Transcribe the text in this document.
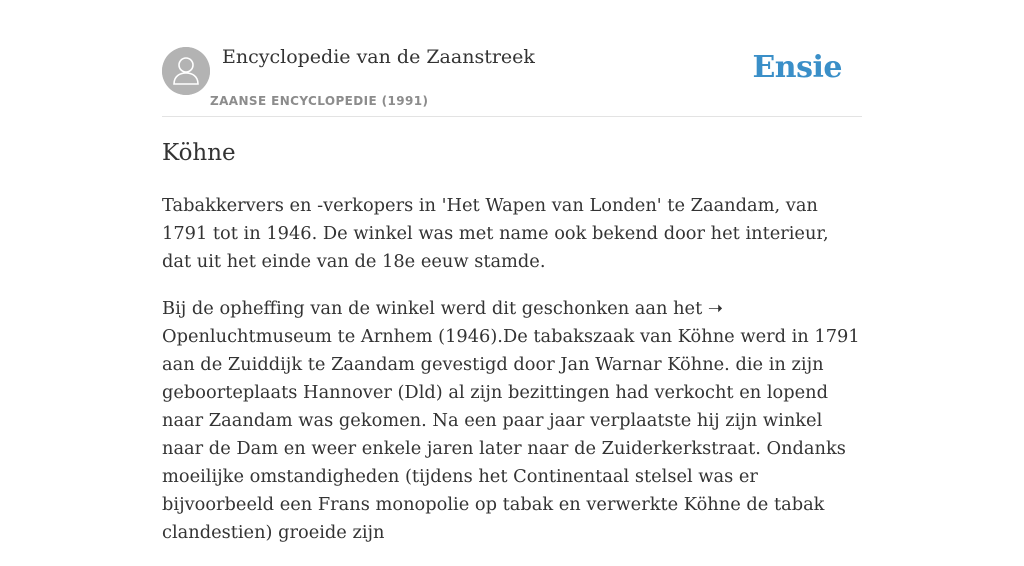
Encyclopedie van de Zaanstreek
ZAANSE ENCYCLOPEDIE (1991)
Ensie
Köhne

Tabakkervers en -verkopers in 'Het Wapen van Londen' te Zaandam, van 1791 tot in 1946. De winkel was met name ook bekend door het interieur, dat uit het einde van de 18e eeuw stamde.

Bij de opheffing van de winkel werd dit geschonken aan het ➝ Openluchtmuseum te Arnhem (1946).De tabakszaak van Köhne werd in 1791 aan de Zuiddijk te Zaandam gevestigd door Jan Warnar Köhne. die in zijn geboorteplaats Hannover (Dld) al zijn bezittingen had verkocht en lopend naar Zaandam was gekomen. Na een paar jaar verplaatste hij zijn winkel naar de Dam en weer enkele jaren later naar de Zuiderkerkstraat. Ondanks moeilijke omstandigheden (tijdens het Continentaal stelsel was er bijvoorbeeld een Frans monopolie op tabak en verwerkte Köhne de tabak clandestien) groeide zijn
